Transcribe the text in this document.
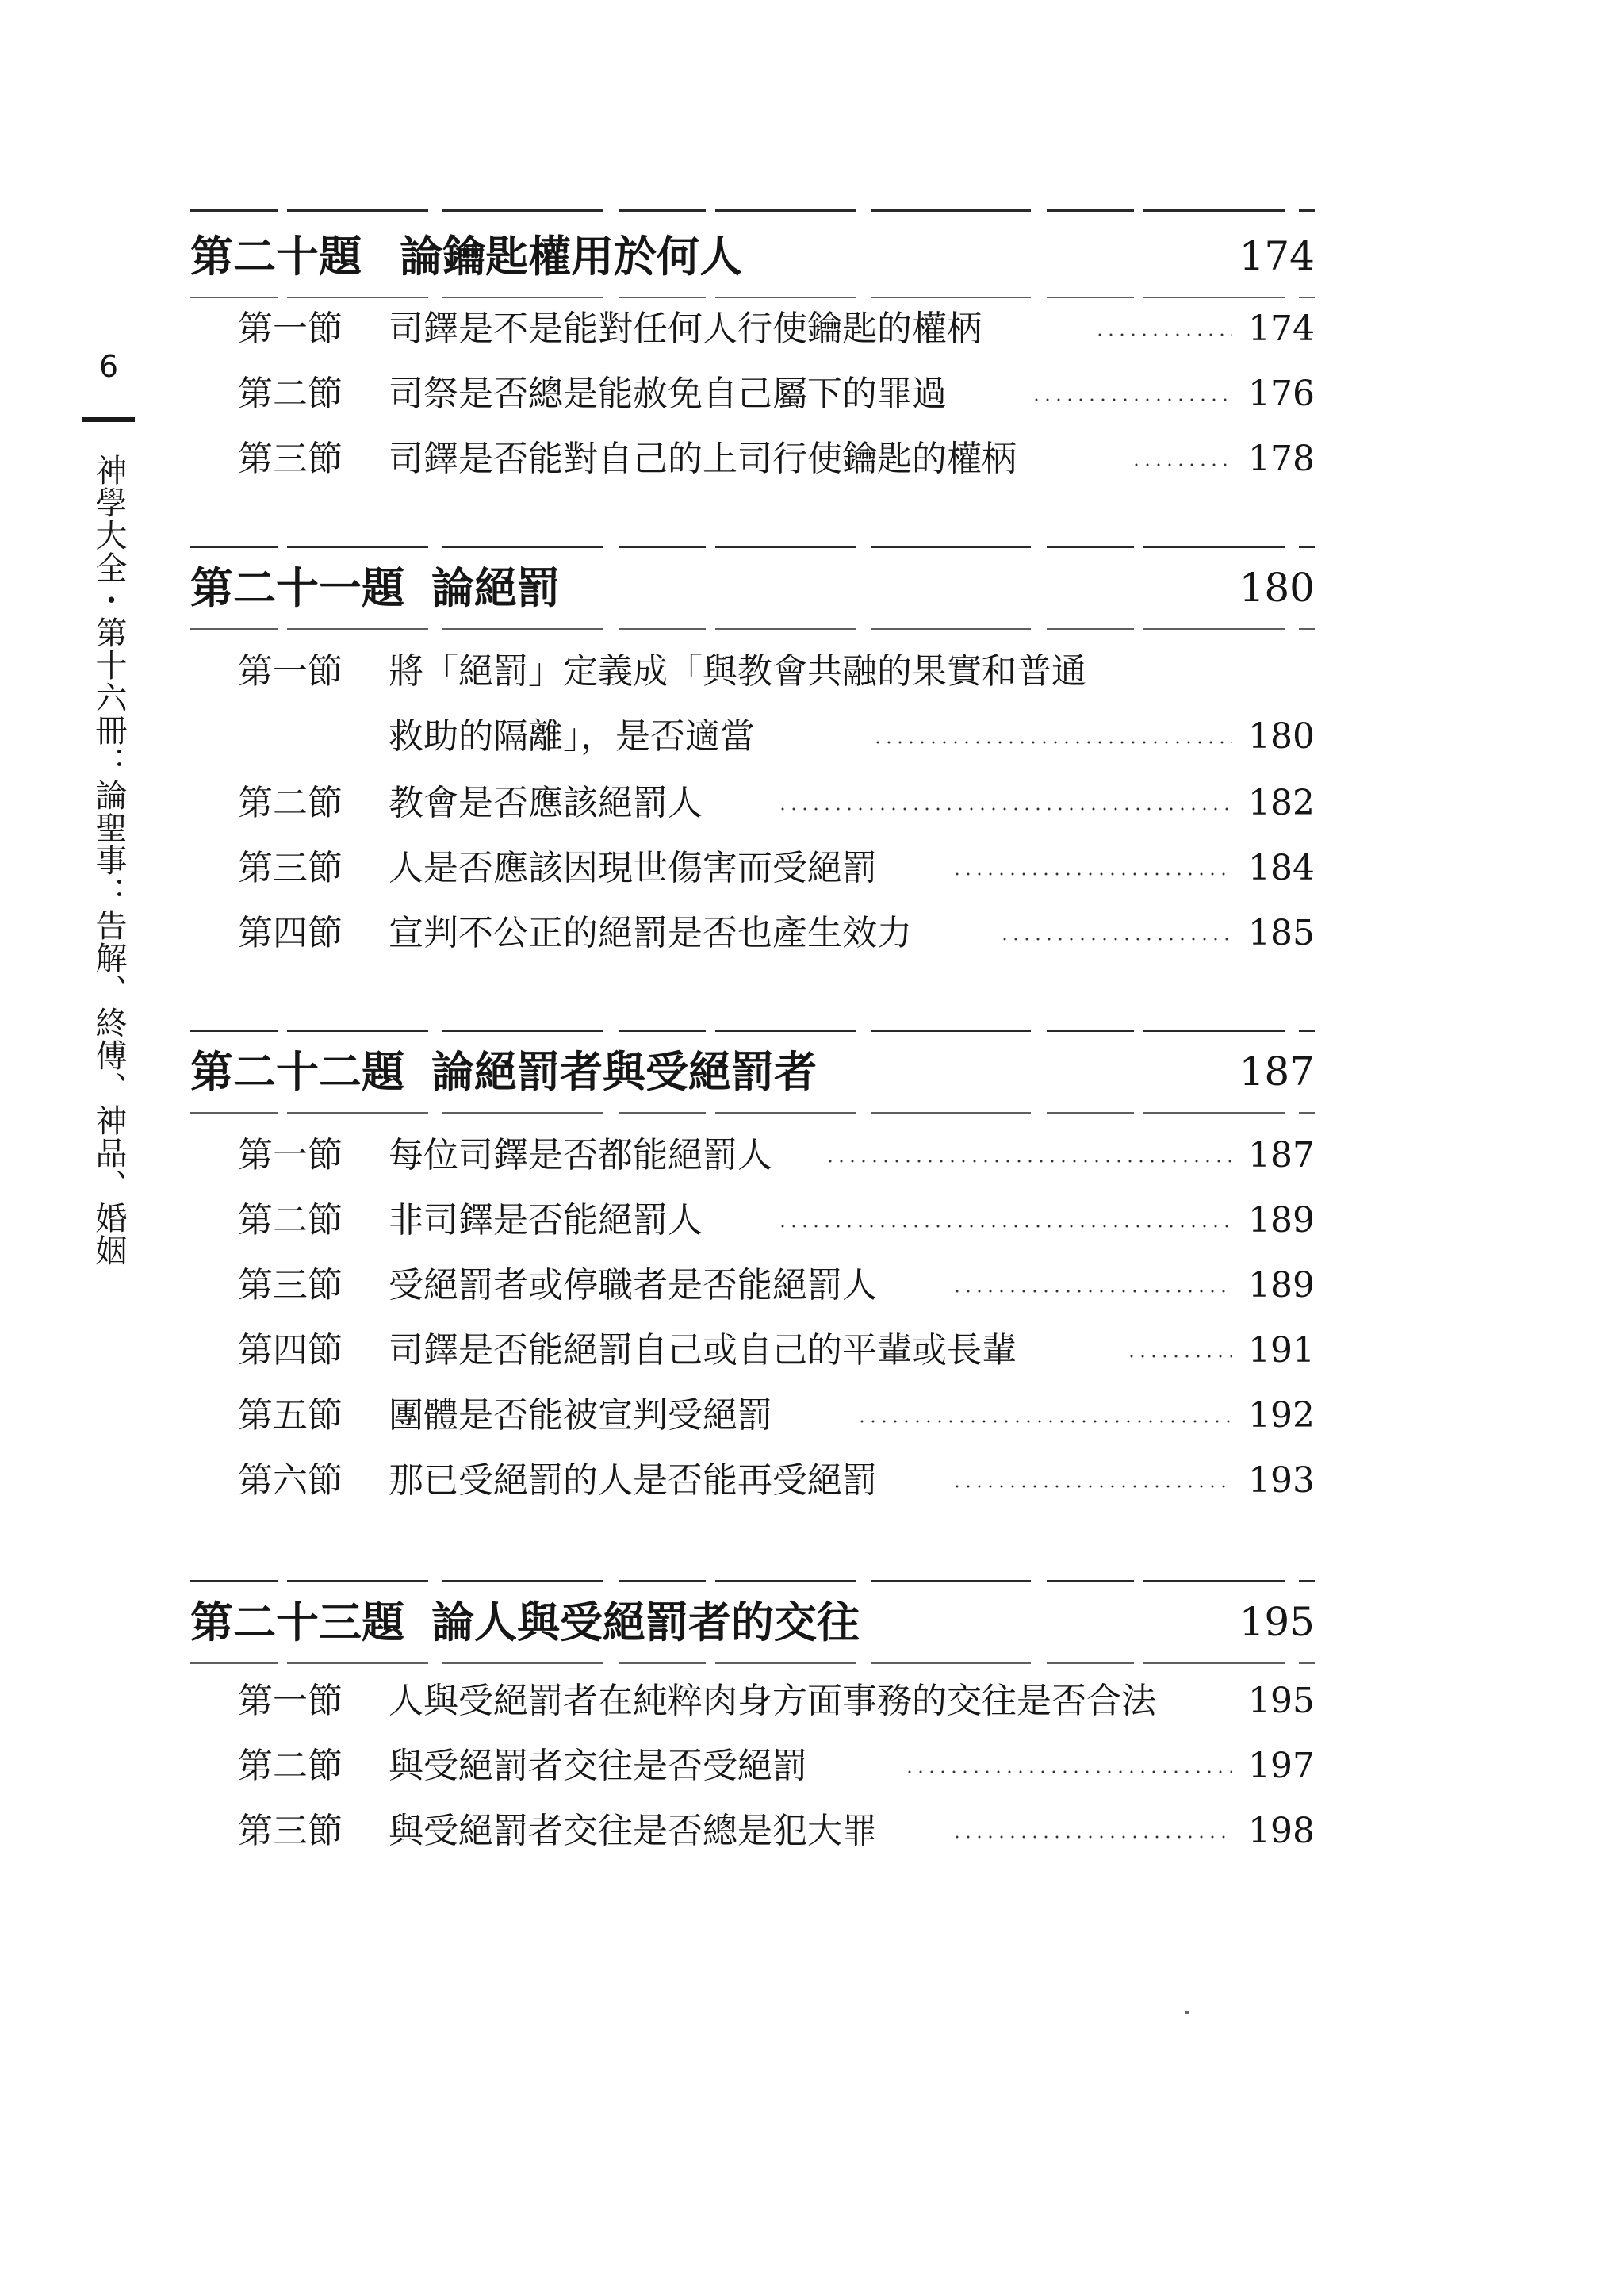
6
神學大全・第十六冊：論聖事：告解、終傅、神品、婚姻
第二十題 論鑰匙權用於何人	174
第一節	司鐸是不是能對任何人行使鑰匙的權柄	174
第二節	司祭是否總是能赦免自己屬下的罪過	176
第三節	司鐸是否能對自己的上司行使鑰匙的權柄	178
第二十一題 論絕罰	180
第一節	將「絕罰」定義成「與教會共融的果實和普通
救助的隔離」，是否適當	180
第二節	教會是否應該絕罰人	182
第三節	人是否應該因現世傷害而受絕罰	184
第四節	宣判不公正的絕罰是否也產生效力	185
第二十二題 論絕罰者與受絕罰者	187
第一節	每位司鐸是否都能絕罰人	187
第二節	非司鐸是否能絕罰人	189
第三節	受絕罰者或停職者是否能絕罰人	189
第四節	司鐸是否能絕罰自己或自己的平輩或長輩	191
第五節	團體是否能被宣判受絕罰	192
第六節	那已受絕罰的人是否能再受絕罰	193
第二十三題 論人與受絕罰者的交往	195
第一節	人與受絕罰者在純粹肉身方面事務的交往是否合法	195
第二節	與受絕罰者交往是否受絕罰	197
第三節	與受絕罰者交往是否總是犯大罪	198
